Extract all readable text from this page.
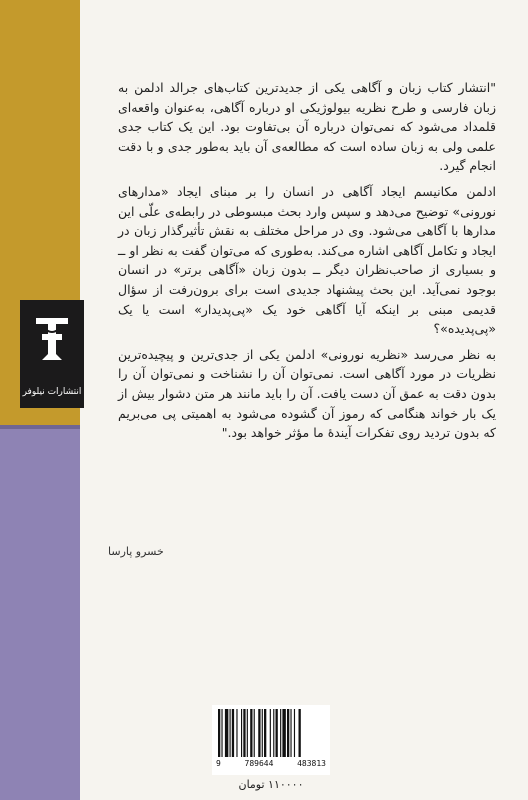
انتشارات نیلوفر

"انتشار کتاب زبان و آگاهی یکی از جدیدترین کتاب‌های جرالد ادلمن به زبان فارسی و طرح نظریه بیولوژیکی او درباره آگاهی، به‌عنوان واقعه‌ای قلمداد می‌شود که نمی‌توان درباره آن بی‌تفاوت بود. این یک کتاب جدی علمی ولی به زبان ساده است که مطالعه‌ی آن باید به‌طور جدی و با دقت انجام گیرد.

ادلمن مکانیسم ایجاد آگاهی در انسان را بر مبنای ایجاد «مدارهای نورونی» توضیح می‌دهد و سپس وارد بحث مبسوطی در رابطه‌ی علّی این مدارها با آگاهی می‌شود. وی در مراحل مختلف به نقش تأثیرگذار زبان در ایجاد و تکامل آگاهی اشاره می‌کند. به‌طوری که می‌توان گفت به نظر او ــ و بسیاری از صاحب‌نظران دیگر ــ بدون زبان «آگاهی برتر» در انسان بوجود نمی‌آید. این بحث پیشنهاد جدیدی است برای برون‌رفت از سؤال قدیمی مبنی بر اینکه آیا آگاهی خود یک «پی‌پدیدار» است یا یک «پی‌پدیده»؟

به نظر می‌رسد «نظریه نورونی» ادلمن یکی از جدی‌ترین و پیچیده‌ترین نظریات در مورد آگاهی است. نمی‌توان آن را نشناخت و نمی‌توان آن را بدون دقت به عمق آن دست یافت. آن را باید مانند هر متن دشوار بیش از یک بار خواند هنگامی که رموز آن گشوده می‌شود به اهمیتی پی می‌بریم که بدون تردید روی تفکرات آیندهٔ ما مؤثر خواهد بود."

خسرو پارسا
9	789644	483813
۱۱۰۰۰۰ تومان
